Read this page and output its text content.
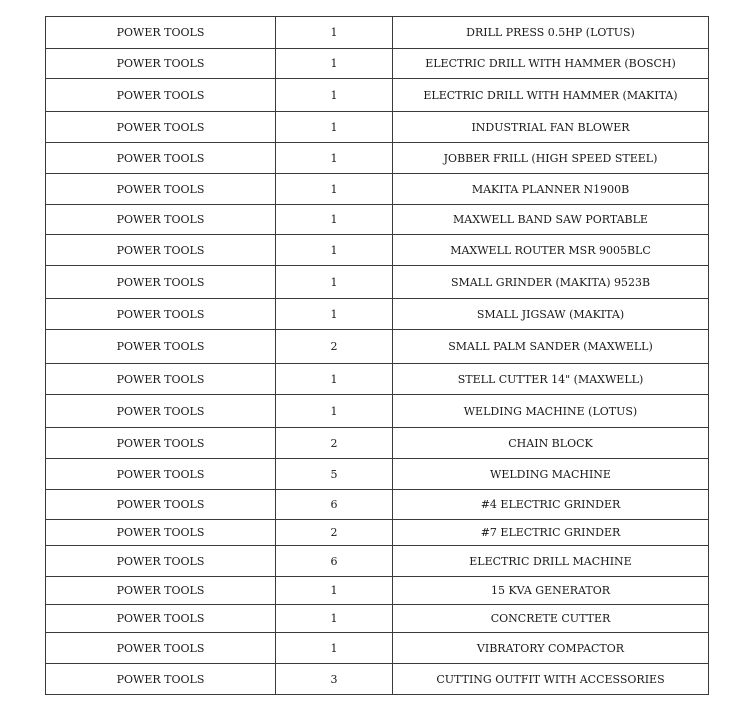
POWER TOOLS	1	DRILL PRESS 0.5HP (LOTUS)
POWER TOOLS	1	ELECTRIC DRILL WITH HAMMER (BOSCH)
POWER TOOLS	1	ELECTRIC DRILL WITH HAMMER (MAKITA)
POWER TOOLS	1	INDUSTRIAL FAN BLOWER
POWER TOOLS	1	JOBBER FRILL (HIGH SPEED STEEL)
POWER TOOLS	1	MAKITA PLANNER N1900B
POWER TOOLS	1	MAXWELL BAND SAW PORTABLE
POWER TOOLS	1	MAXWELL ROUTER MSR 9005BLC
POWER TOOLS	1	SMALL GRINDER (MAKITA) 9523B
POWER TOOLS	1	SMALL JIGSAW (MAKITA)
POWER TOOLS	2	SMALL PALM SANDER (MAXWELL)
POWER TOOLS	1	STELL CUTTER 14" (MAXWELL)
POWER TOOLS	1	WELDING MACHINE (LOTUS)
POWER TOOLS	2	CHAIN BLOCK
POWER TOOLS	5	WELDING MACHINE
POWER TOOLS	6	#4 ELECTRIC GRINDER
POWER TOOLS	2	#7 ELECTRIC GRINDER
POWER TOOLS	6	ELECTRIC DRILL MACHINE
POWER TOOLS	1	15 KVA GENERATOR
POWER TOOLS	1	CONCRETE CUTTER
POWER TOOLS	1	VIBRATORY COMPACTOR
POWER TOOLS	3	CUTTING OUTFIT WITH ACCESSORIES
